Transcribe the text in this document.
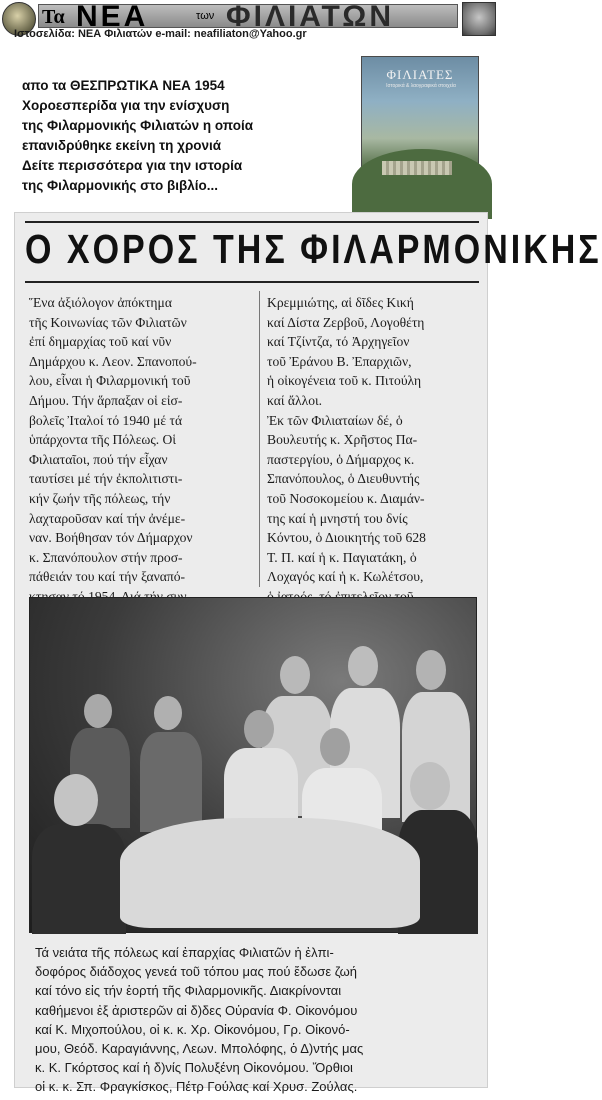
Τα ΝΕΑ	των ΦΙΛΙΑΤΩΝ
Ιστοσελίδα: ΝΕΑ Φιλιατών e-mail: neafiliaton@Yahoo.gr
απο τα ΘΕΣΠΡΩΤΙΚΑ ΝΕΑ 1954
Χοροεσπερίδα για την ενίσχυση
της Φιλαρμονικής Φιλιατών η οποία
επανιδρύθηκε εκείνη τη χρονιά
Δείτε περισσότερα για την ιστορία
της Φιλαρμονικής στο βιβλίο...
ΦΙΛΙΑΤΕΣ
Ιστορικά & λαογραφικά στοιχεία
Ο ΧΟΡΟΣ ΤΗΣ ΦΙΛΑΡΜΟΝΙΚΗΣ
Ἕνα ἀξιόλογον ἀπόκτημα
τῆς Κοινωνίας τῶν Φιλιατῶν
ἐπί δημαρχίας τοῦ καί νῦν
Δημάρχου κ. Λεον. Σπανοπού-
λου, εἶναι ἡ Φιλαρμονική τοῦ
Δήμου. Τήν ἅρπαξαν οἱ εἰσ-
βολεῖς Ἰταλοί τό 1940 μέ τά
ὑπάρχοντα τῆς Πόλεως. Οἱ
Φιλιαταῖοι, πού τήν εἶχαν
ταυτίσει μέ τήν ἐκπολιτιστι-
κήν ζωήν τῆς πόλεως, τήν
λαχταροῦσαν καί τήν ἀνέμε-
ναν. Βοήθησαν τόν Δήμαρχον
κ. Σπανόπουλον στήν προσ-
πάθειάν του καί τήν ξαναπό-
Κρεμμιώτης, αἱ δῖδες Κική
καί Δίστα Ζερβοῦ, Λογοθέτη
καί Τζίντζα, τό Ἀρχηγεῖον
τοῦ Ἐράνου Β. Ἐπαρχιῶν,
ἡ οἰκογένεια τοῦ κ. Πιτούλη
καί ἄλλοι.
Ἐκ τῶν Φιλιαταίων δέ, ὁ
Βουλευτής κ. Χρῆστος Πα-
παστεργίου, ὁ Δήμαρχος κ.
Σπανόπουλος, ὁ Διευθυντής
τοῦ Νοσοκομείου κ. Διαμάν-
της καί ἡ μνηστή του δνίς
Κόντου, ὁ Διοικητής τοῦ 628
Τ. Π. καί ἡ κ. Παγιατάκη, ὁ
Λοχαγός καί ἡ κ. Κωλέτσου,
Τά νειάτα τῆς πόλεως καί ἐπαρχίας Φιλιατῶν ἡ ἐλπι-
δοφόρος διάδοχος γενεά τοῦ τόπου μας πού ἔδωσε ζωή
καί τόνο εἰς τήν ἑορτή τῆς Φιλαρμονικῆς. Διακρίνονται
καθήμενοι ἐξ ἀριστερῶν αἱ δ)δες Οὐρανία Φ. Οἰκονόμου
καί Κ. Μιχοπούλου, οἱ κ. κ. Χρ. Οἰκονόμου, Γρ. Οἰκονό-
μου, Θεόδ. Καραγιάννης, Λεων. Μπολόφης, ὁ Δ)ντής μας
κ. Κ. Γκόρτσος καί ἡ δ)νίς Πολυξένη Οἰκονόμου. Ὄρθιοι
οἱ κ. κ. Σπ. Φραγκίσκος, Πέτρ Γούλας καί Χρυσ. Ζούλας.
